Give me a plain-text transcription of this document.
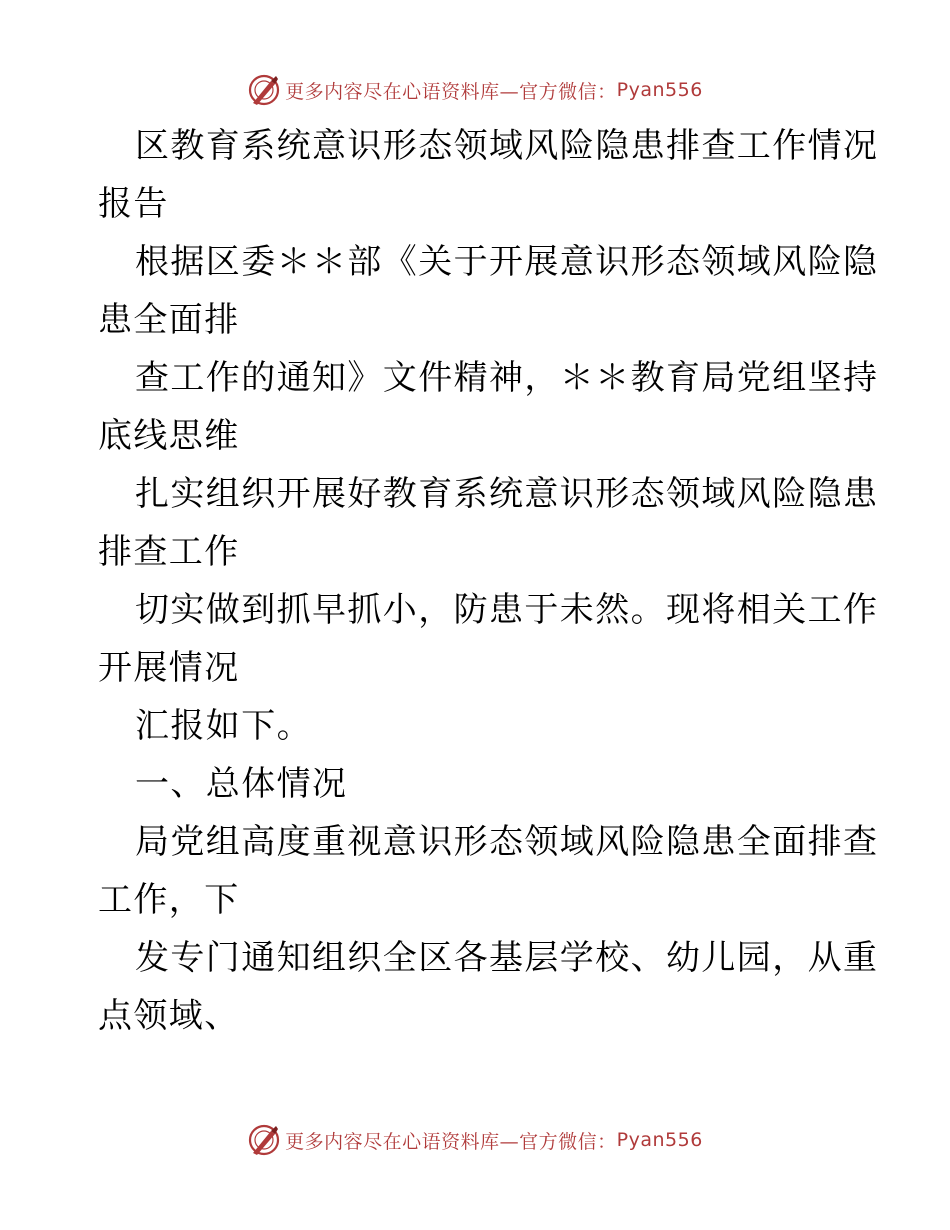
更多内容尽在心语资料库—官方微信： Pyan556

区教育系统意识形态领域风险隐患排查工作情况

报告

根据区委＊＊部《关于开展意识形态领域风险隐

患全面排

查工作的通知》文件精神，＊＊教育局党组坚持

底线思维

扎实组织开展好教育系统意识形态领域风险隐患

排查工作

切实做到抓早抓小，防患于未然。现将相关工作

开展情况

汇报如下。

一、总体情况

局党组高度重视意识形态领域风险隐患全面排查

工作，下

发专门通知组织全区各基层学校、幼儿园，从重

点领域、

更多内容尽在心语资料库—官方微信： Pyan556
